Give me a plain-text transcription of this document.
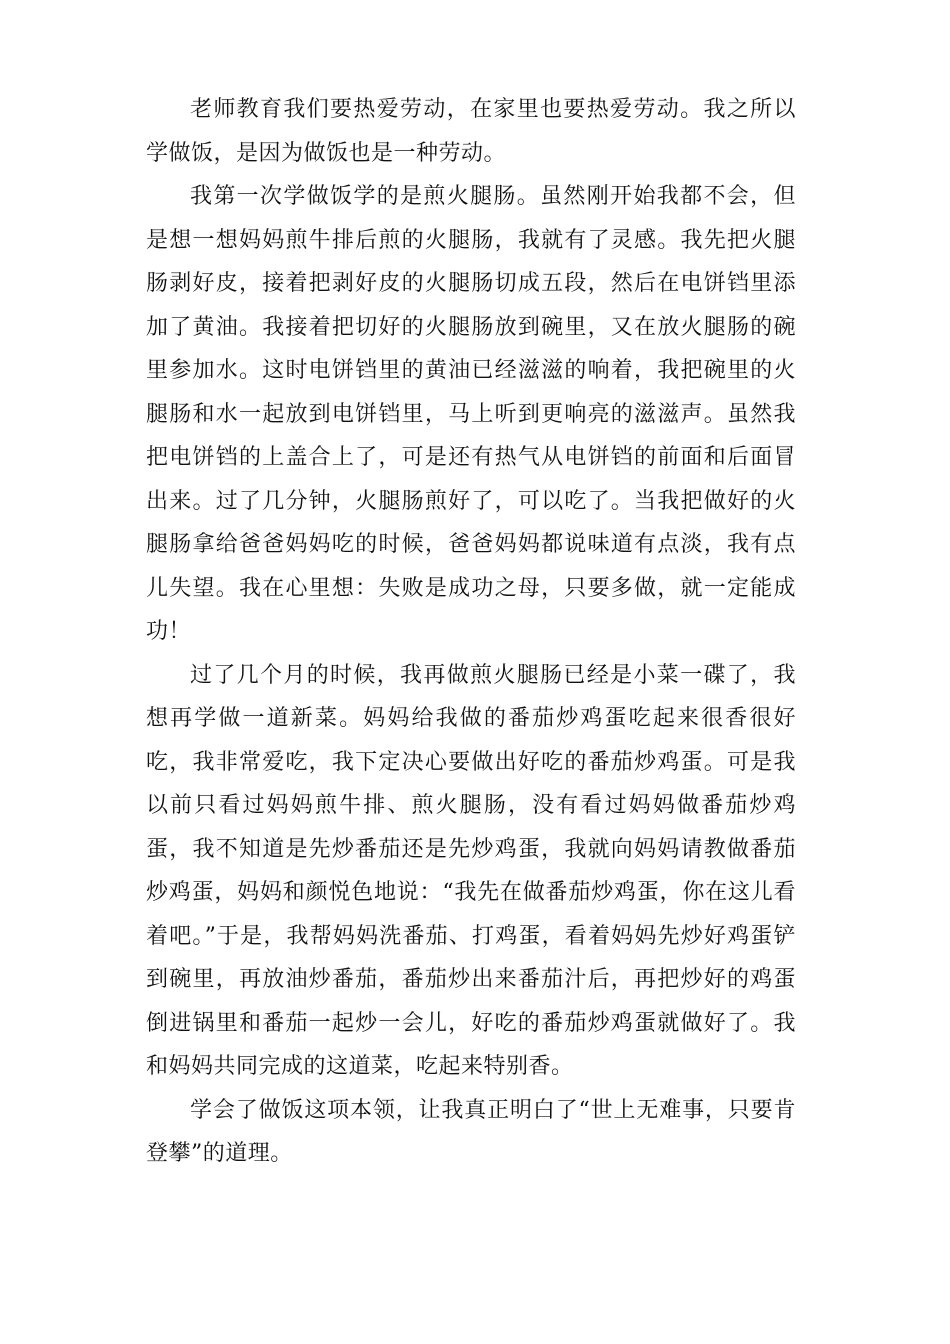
老师教育我们要热爱劳动，在家里也要热爱劳动。我之所以学做饭，是因为做饭也是一种劳动。

我第一次学做饭学的是煎火腿肠。虽然刚开始我都不会，但是想一想妈妈煎牛排后煎的火腿肠，我就有了灵感。我先把火腿肠剥好皮，接着把剥好皮的火腿肠切成五段，然后在电饼铛里添加了黄油。我接着把切好的火腿肠放到碗里，又在放火腿肠的碗里参加水。这时电饼铛里的黄油已经滋滋的响着，我把碗里的火腿肠和水一起放到电饼铛里，马上听到更响亮的滋滋声。虽然我把电饼铛的上盖合上了，可是还有热气从电饼铛的前面和后面冒出来。过了几分钟，火腿肠煎好了，可以吃了。当我把做好的火腿肠拿给爸爸妈妈吃的时候，爸爸妈妈都说味道有点淡，我有点儿失望。我在心里想：失败是成功之母，只要多做，就一定能成功！

过了几个月的时候，我再做煎火腿肠已经是小菜一碟了，我想再学做一道新菜。妈妈给我做的番茄炒鸡蛋吃起来很香很好吃，我非常爱吃，我下定决心要做出好吃的番茄炒鸡蛋。可是我以前只看过妈妈煎牛排、煎火腿肠，没有看过妈妈做番茄炒鸡蛋，我不知道是先炒番茄还是先炒鸡蛋，我就向妈妈请教做番茄炒鸡蛋，妈妈和颜悦色地说：“我先在做番茄炒鸡蛋，你在这儿看着吧。”于是，我帮妈妈洗番茄、打鸡蛋，看着妈妈先炒好鸡蛋铲到碗里，再放油炒番茄，番茄炒出来番茄汁后，再把炒好的鸡蛋倒进锅里和番茄一起炒一会儿，好吃的番茄炒鸡蛋就做好了。我和妈妈共同完成的这道菜，吃起来特别香。

学会了做饭这项本领，让我真正明白了“世上无难事，只要肯登攀”的道理。
